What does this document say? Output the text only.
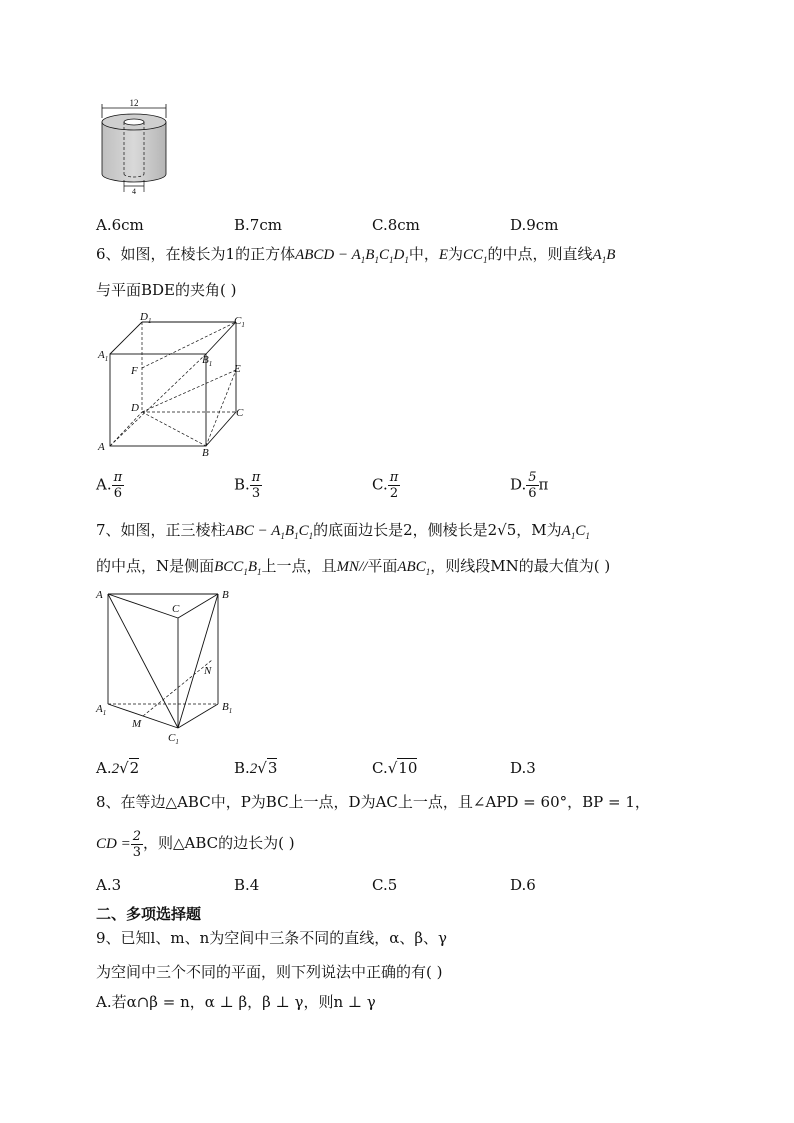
12
4
A.6cm	B.7cm	C.8cm	D.9cm
6、如图，在棱长为1的正方体ABCD − $A_1B_1C_1D_1$中，E为$CC_1$的中点，则直线$A_1B$
与平面BDE的夹角( )
$D_1$	$C_1$
$A_1$	$B_1$
F	E
D	C
A	B
A. $\frac{\pi}{6}$	B. $\frac{\pi}{3}$	C. $\frac{\pi}{2}$	D. $\frac{5}{6}$ π
7、如图，正三棱柱ABC − $A_1B_1C_1$的底面边长是2，侧棱长是2√5，M为$A_1C_1$
的中点，N是侧面$BCC_1B_1$上一点，且MN//平面$ABC_1$，则线段MN的最大值为( )
A
C
B
N
$A_1$	$B_1$
M
$C_1$
A.2√2	B.2√3	C.√10	D.3
8、在等边△ABC中，P为BC上一点，D为AC上一点，且∠APD = 60°，BP = 1，
CD = $\frac{2}{3}$ ，则△ABC的边长为( )
A.3	B.4	C.5	D.6
二、多项选择题
9、已知l、m、n为空间中三条不同的直线，α、β、γ
为空间中三个不同的平面，则下列说法中正确的有( )
A.若α∩β = n，α ⊥ β，β ⊥ γ，则n ⊥ γ
